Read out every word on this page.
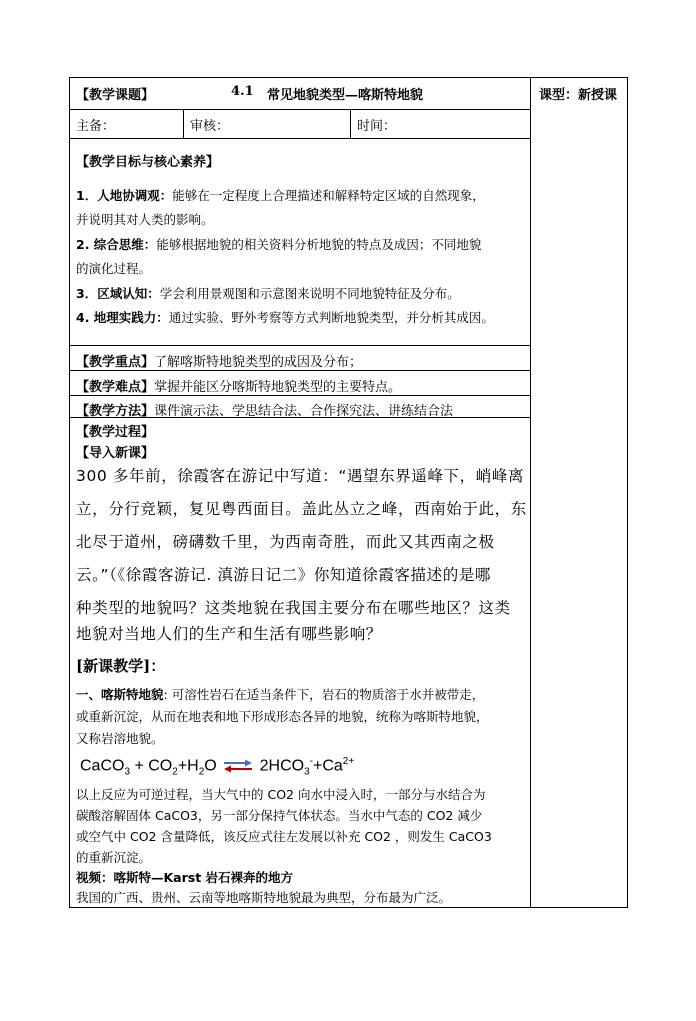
【教学课题】	4.1 常见地貌类型—喀斯特地貌	课型：新授课
主备：	审核：	时间：
【教学目标与核心素养】
1．人地协调观：能够在一定程度上合理描述和解释特定区域的自然现象，
并说明其对人类的影响。
2. 综合思维：能够根据地貌的相关资料分析地貌的特点及成因；不同地貌
的演化过程。
3．区域认知：学会利用景观图和示意图来说明不同地貌特征及分布。
4. 地理实践力：通过实验、野外考察等方式判断地貌类型，并分析其成因。
【教学重点】了解喀斯特地貌类型的成因及分布；
【教学难点】掌握并能区分喀斯特地貌类型的主要特点。
【教学方法】课件演示法、学思结合法、合作探究法、讲练结合法
【教学过程】
【导入新课】
300 多年前，徐霞客在游记中写道：“遇望东界遥峰下，峭峰离
立，分行竞颖，复见粤西面目。盖此丛立之峰，西南始于此，东
北尽于道州，磅礴数千里，为西南奇胜，而此又其西南之极
云。”（《徐霞客游记. 滇游日记二》你知道徐霞客描述的是哪
种类型的地貌吗？这类地貌在我国主要分布在哪些地区？这类
地貌对当地人们的生产和生活有哪些影响？
[新课教学]：
一、喀斯特地貌: 可溶性岩石在适当条件下，岩石的物质溶于水并被带走，
或重新沉淀，从而在地表和地下形成形态各异的地貌，统称为喀斯特地貌，
又称岩溶地貌。
CaCO$_3$ + $CO_2+H_2O$ ⇌ $2HCO_3^-+Ca^{2+}$
以上反应为可逆过程，当大气中的 CO2 向水中浸入时，一部分与水结合为
碳酸溶解固体 CaCO3，另一部分保持气体状态。当水中气态的 CO2 减少
或空气中 CO2 含量降低，该反应式往左发展以补充 CO2 ，则发生 CaCO3
的重新沉淀。
视频：喀斯特—Karst 岩石裸奔的地方
我国的广西、贵州、云南等地喀斯特地貌最为典型，分布最为广泛。
